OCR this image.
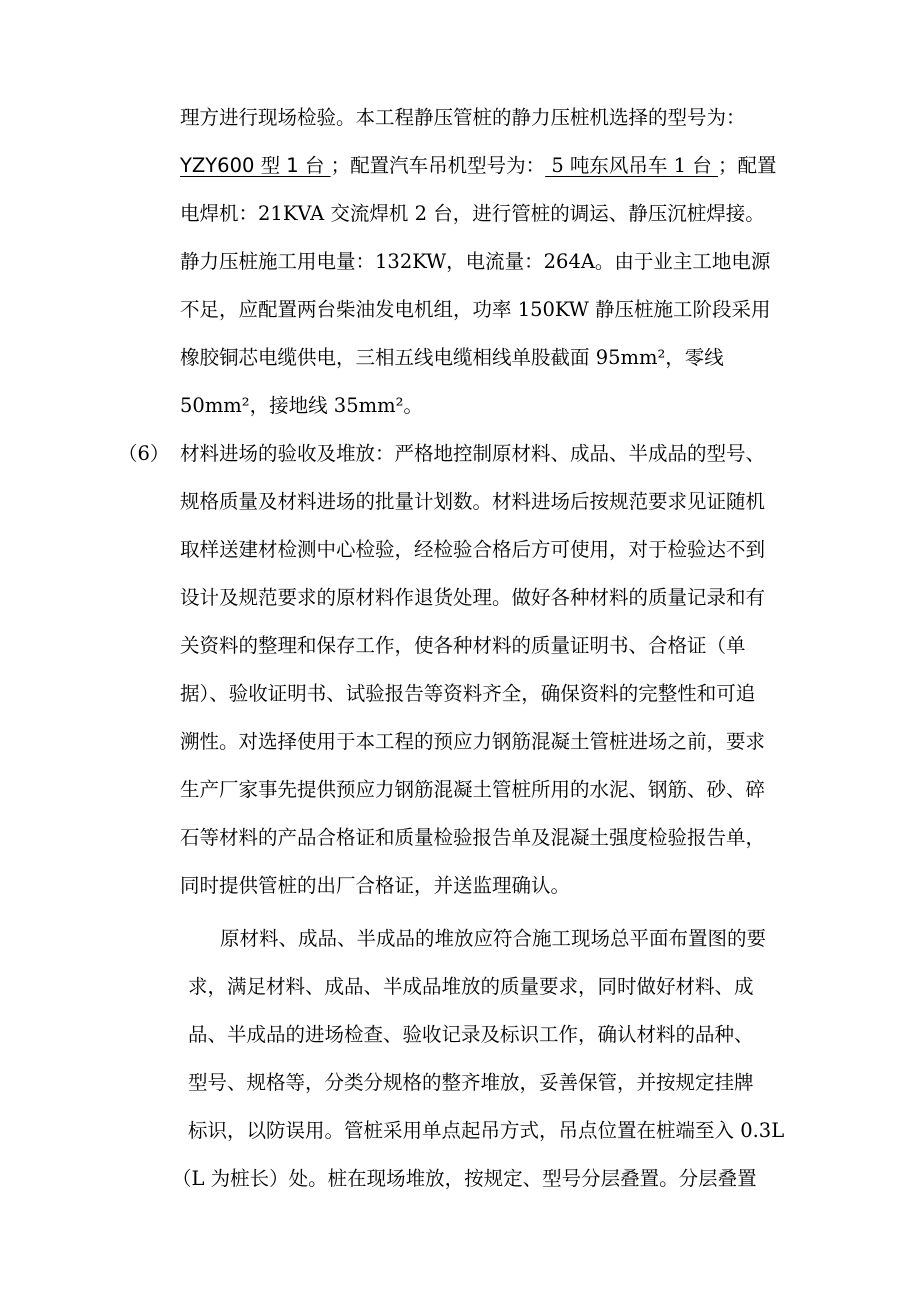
理方进行现场检验。本工程静压管桩的静力压桩机选择的型号为：

YZY600 型 1 台 ；配置汽车吊机型号为： 5 吨东风吊车 1 台 ；配置

电焊机：21KVA 交流焊机 2 台，进行管桩的调运、静压沉桩焊接。

静力压桩施工用电量：132KW，电流量：264A。由于业主工地电源

不足，应配置两台柴油发电机组，功率 150KW 静压桩施工阶段采用

橡胶铜芯电缆供电，三相五线电缆相线单股截面 95mm²，零线

50mm²，接地线 35mm²。

（6） 材料进场的验收及堆放：严格地控制原材料、成品、半成品的型号、

规格质量及材料进场的批量计划数。材料进场后按规范要求见证随机

取样送建材检测中心检验，经检验合格后方可使用，对于检验达不到

设计及规范要求的原材料作退货处理。做好各种材料的质量记录和有

关资料的整理和保存工作，使各种材料的质量证明书、合格证（单

据）、验收证明书、试验报告等资料齐全，确保资料的完整性和可追

溯性。对选择使用于本工程的预应力钢筋混凝土管桩进场之前，要求

生产厂家事先提供预应力钢筋混凝土管桩所用的水泥、钢筋、砂、碎

石等材料的产品合格证和质量检验报告单及混凝土强度检验报告单，

同时提供管桩的出厂合格证，并送监理确认。

原材料、成品、半成品的堆放应符合施工现场总平面布置图的要

求，满足材料、成品、半成品堆放的质量要求，同时做好材料、成

品、半成品的进场检查、验收记录及标识工作，确认材料的品种、

型号、规格等，分类分规格的整齐堆放，妥善保管，并按规定挂牌

标识，以防误用。管桩采用单点起吊方式，吊点位置在桩端至入 0.3L

（L 为桩长）处。桩在现场堆放，按规定、型号分层叠置。分层叠置
